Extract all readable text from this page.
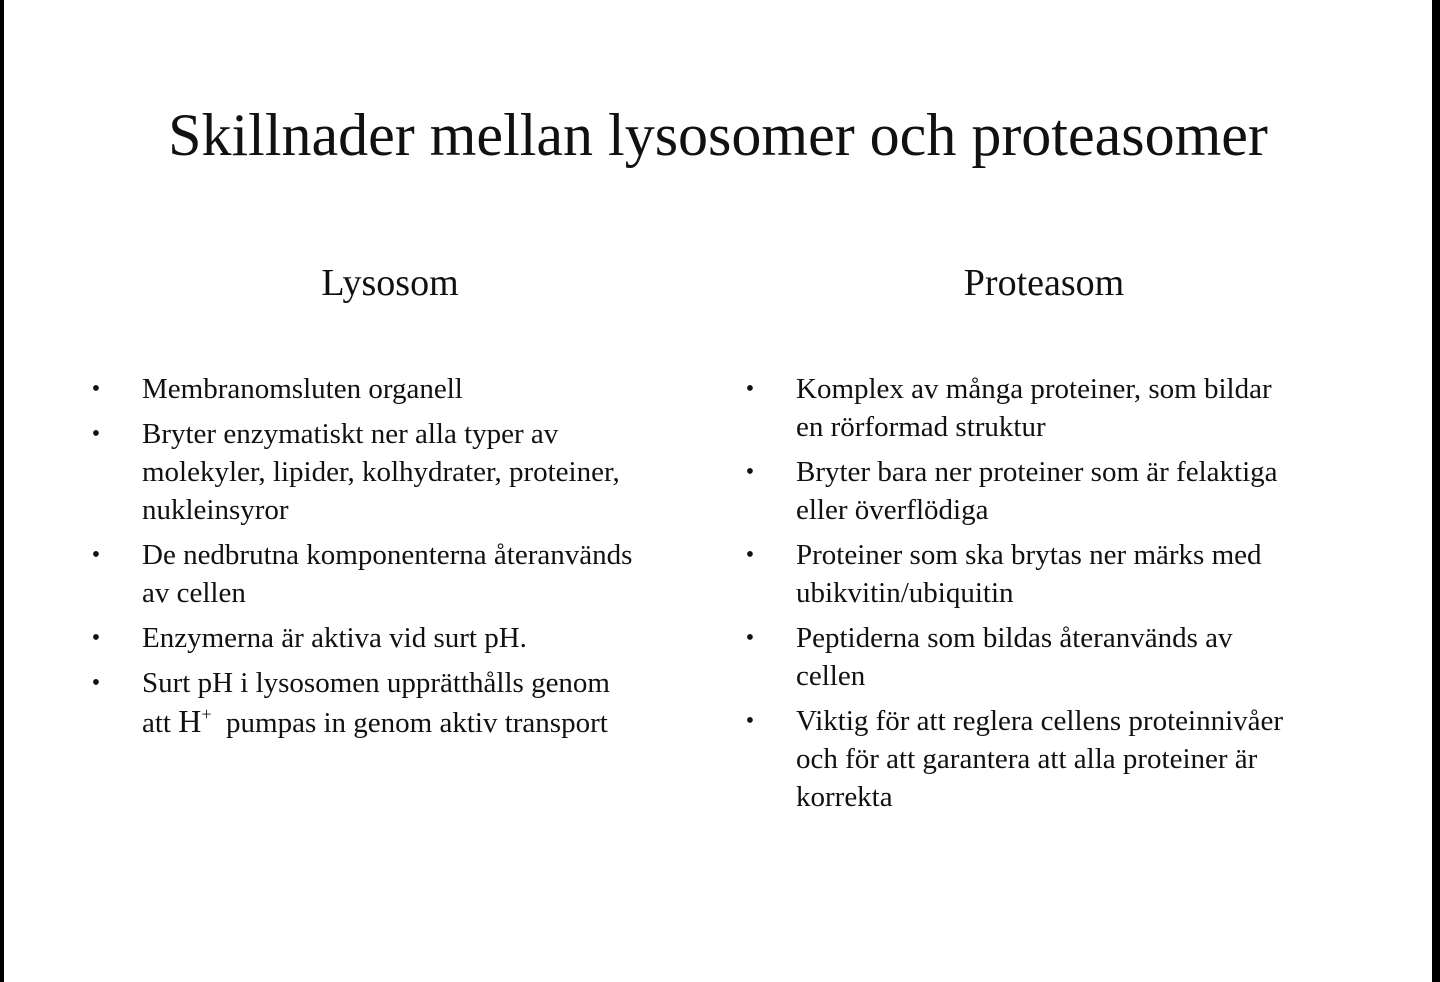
Skillnader mellan lysosomer och proteasomer
Lysosom	Proteasom
• Membranomsluten organell
• Bryter enzymatiskt ner alla typer av
molekyler, lipider, kolhydrater, proteiner,
nukleinsyror
• De nedbrutna komponenterna återanvänds
av cellen
• Enzymerna är aktiva vid surt pH.
• Surt pH i lysosomen upprätthålls genom
att H+  pumpas in genom aktiv transport
• Komplex av många proteiner, som bildar
en rörformad struktur
• Bryter bara ner proteiner som är felaktiga
eller överflödiga
• Proteiner som ska brytas ner märks med
ubikvitin/ubiquitin
• Peptiderna som bildas återanvänds av
cellen
• Viktig för att reglera cellens proteinnivåer
och för att garantera att alla proteiner är
korrekta
